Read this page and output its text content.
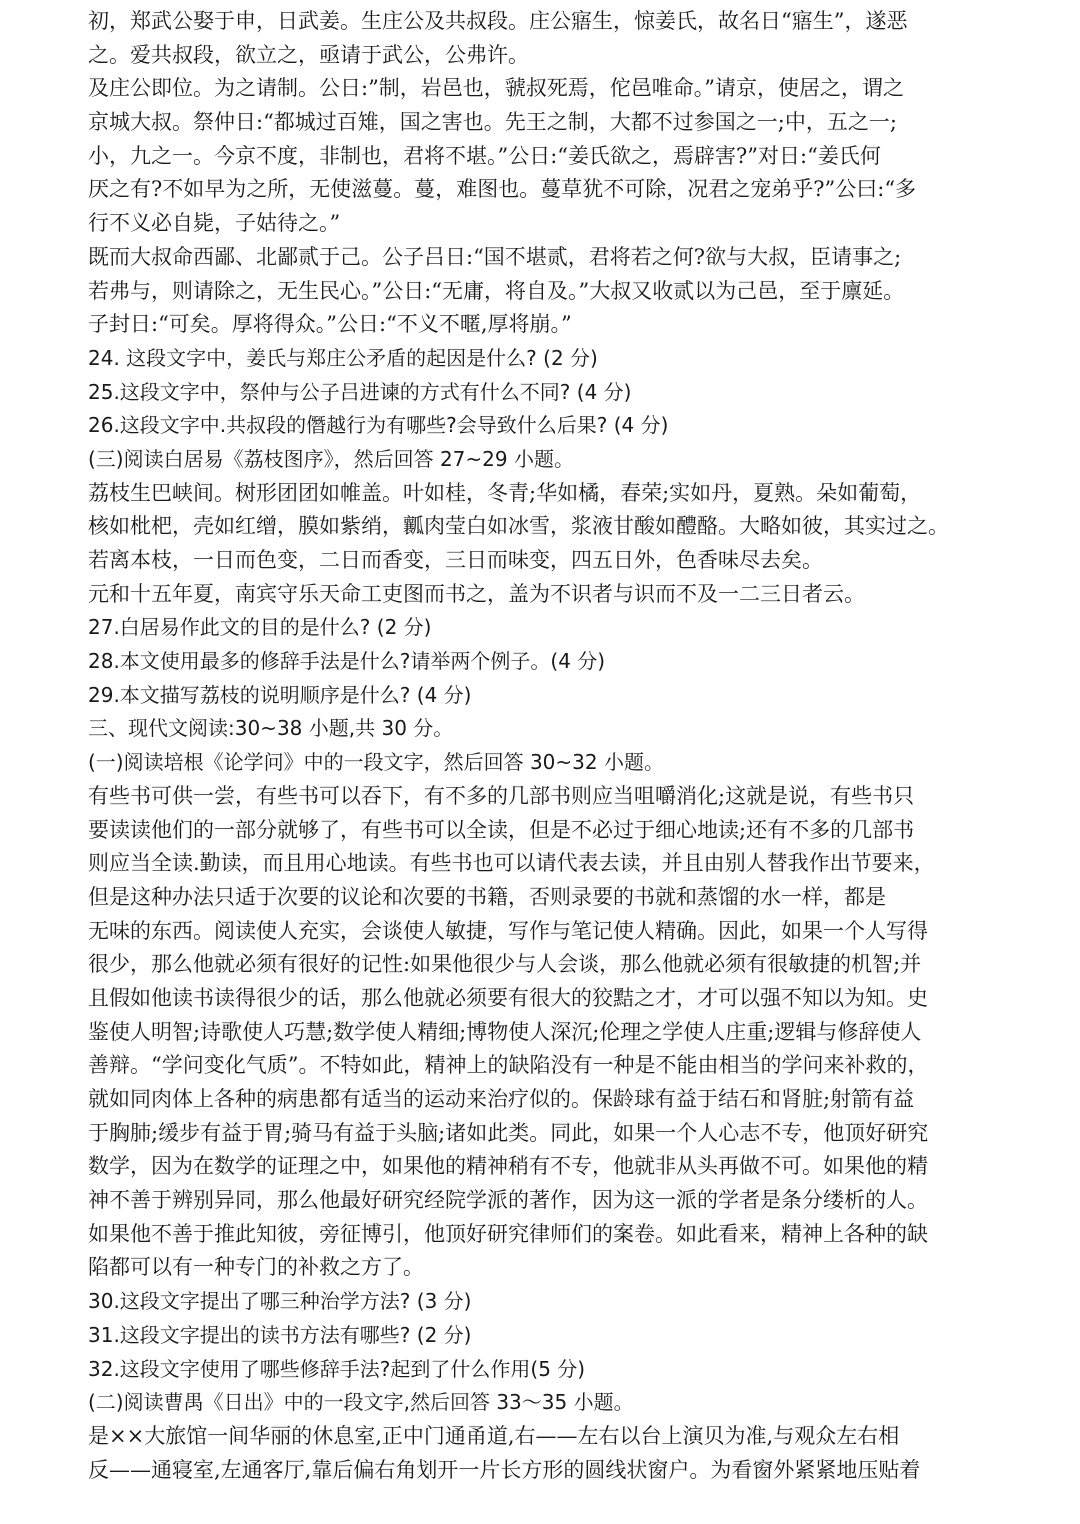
初，郑武公娶于申，日武姜。生庄公及共叔段。庄公寤生，惊姜氏，故名日“寤生”，遂恶
之。爱共叔段，欲立之，亟请于武公，公弗许。
及庄公即位。为之请制。公日:”制，岩邑也，虢叔死焉，佗邑唯命。”请京，使居之，谓之
京城大叔。祭仲日:“都城过百雉，国之害也。先王之制，大都不过参国之一;中，五之一;
小，九之一。今京不度，非制也，君将不堪。”公日:“姜氏欲之，焉辟害?”对日:“姜氏何
厌之有?不如早为之所，无使滋蔓。蔓，难图也。蔓草犹不可除，况君之宠弟乎?”公曰:“多
行不义必自毙，子姑待之。”
既而大叔命西鄙、北鄙贰于己。公子吕日:“国不堪贰，君将若之何?欲与大叔，臣请事之;
若弗与，则请除之，无生民心。”公日:“无庸，将自及。”大叔又收贰以为己邑，至于廪延。
子封日:“可矣。厚将得众。”公日:“不义不暱,厚将崩。”
24. 这段文字中，姜氏与郑庄公矛盾的起因是什么? (2 分)
25.这段文字中，祭仲与公子吕进谏的方式有什么不同? (4 分)
26.这段文字中.共叔段的僭越行为有哪些?会导致什么后果? (4 分)
(三)阅读白居易《荔枝图序》，然后回答 27~29 小题。
荔枝生巴峡间。树形团团如帷盖。叶如桂，冬青;华如橘，春荣;实如丹，夏熟。朵如葡萄，
核如枇杷，壳如红缯，膜如紫绡，瓤肉莹白如冰雪，浆液甘酸如醴酪。大略如彼，其实过之。
若离本枝，一日而色变，二日而香变，三日而味变，四五日外，色香味尽去矣。
元和十五年夏，南宾守乐天命工吏图而书之，盖为不识者与识而不及一二三日者云。
27.白居易作此文的目的是什么? (2 分)
28.本文使用最多的修辞手法是什么?请举两个例子。(4 分)
29.本文描写荔枝的说明顺序是什么? (4 分)
三、现代文阅读:30~38 小题,共 30 分。
(一)阅读培根《论学问》中的一段文字，然后回答 30~32 小题。
有些书可供一尝，有些书可以吞下，有不多的几部书则应当咀嚼消化;这就是说，有些书只
要读读他们的一部分就够了，有些书可以全读，但是不必过于细心地读;还有不多的几部书
则应当全读.勤读，而且用心地读。有些书也可以请代表去读，并且由别人替我作出节要来，
但是这种办法只适于次要的议论和次要的书籍，否则录要的书就和蒸馏的水一样，都是
无味的东西。阅读使人充实，会谈使人敏捷，写作与笔记使人精确。因此，如果一个人写得
很少，那么他就必须有很好的记性:如果他很少与人会谈，那么他就必须有很敏捷的机智;并
且假如他读书读得很少的话，那么他就必须要有很大的狡黠之才，才可以强不知以为知。史
鉴使人明智;诗歌使人巧慧;数学使人精细;博物使人深沉;伦理之学使人庄重;逻辑与修辞使人
善辩。“学问变化气质”。不特如此，精神上的缺陷没有一种是不能由相当的学问来补救的，
就如同肉体上各种的病患都有适当的运动来治疗似的。保龄球有益于结石和肾脏;射箭有益
于胸肺;缓步有益于胃;骑马有益于头脑;诸如此类。同此，如果一个人心志不专，他顶好研究
数学，因为在数学的证理之中，如果他的精神稍有不专，他就非从头再做不可。如果他的精
神不善于辨别异同，那么他最好研究经院学派的著作，因为这一派的学者是条分缕析的人。
如果他不善于推此知彼，旁征博引，他顶好研究律师们的案卷。如此看来，精神上各种的缺
陷都可以有一种专门的补救之方了。
30.这段文字提出了哪三种治学方法? (3 分)
31.这段文字提出的读书方法有哪些? (2 分)
32.这段文字使用了哪些修辞手法?起到了什么作用(5 分)
(二)阅读曹禺《日出》中的一段文字,然后回答 33～35 小题。
是××大旅馆一间华丽的休息室,正中门通甬道,右——左右以台上演贝为准,与观众左右相
反——通寝室,左通客厅,靠后偏右角划开一片长方形的圆线状窗户。为看窗外紧紧地压贴着
